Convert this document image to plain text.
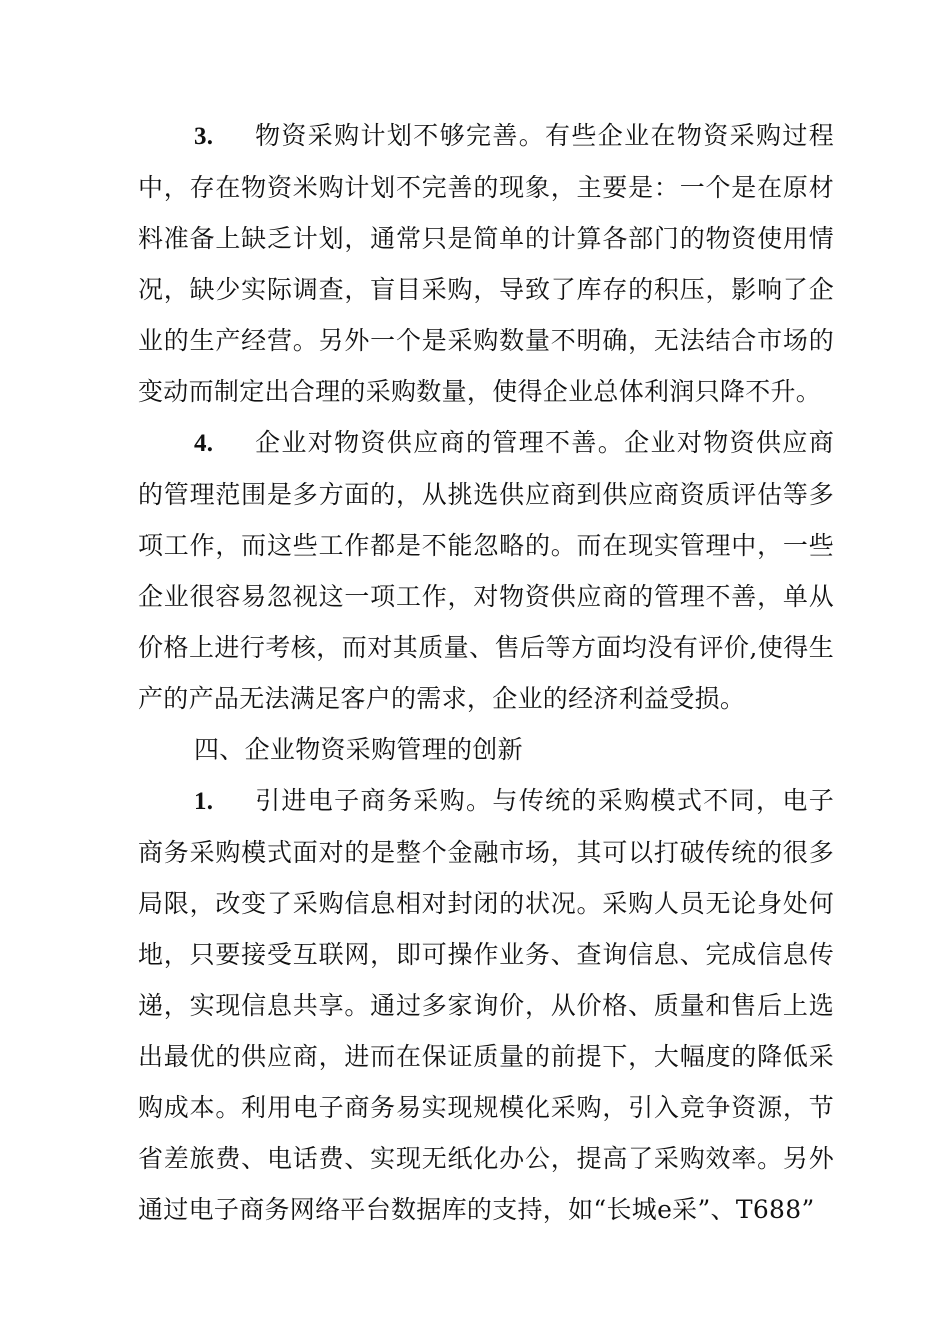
3. 物资采购计划不够完善。有些企业在物资采购过程中，存在物资米购计划不完善的现象，主要是：一个是在原材料准备上缺乏计划，通常只是简单的计算各部门的物资使用情况，缺少实际调查，盲目采购，导致了库存的积压，影响了企业的生产经营。另外一个是采购数量不明确，无法结合市场的变动而制定出合理的采购数量，使得企业总体利润只降不升。

4. 企业对物资供应商的管理不善。企业对物资供应商的管理范围是多方面的，从挑选供应商到供应商资质评估等多项工作，而这些工作都是不能忽略的。而在现实管理中，一些企业很容易忽视这一项工作，对物资供应商的管理不善，单从价格上进行考核，而对其质量、售后等方面均没有评价,使得生产的产品无法满足客户的需求，企业的经济利益受损。

四、企业物资采购管理的创新

1. 引进电子商务采购。与传统的采购模式不同，电子商务采购模式面对的是整个金融市场，其可以打破传统的很多局限，改变了采购信息相对封闭的状况。采购人员无论身处何地，只要接受互联网，即可操作业务、查询信息、完成信息传递，实现信息共享。通过多家询价，从价格、质量和售后上选出最优的供应商，进而在保证质量的前提下，大幅度的降低采购成本。利用电子商务易实现规模化采购，引入竞争资源，节省差旅费、电话费、实现无纸化办公，提高了采购效率。另外通过电子商务网络平台数据库的支持，如“长城e采”、T688”
